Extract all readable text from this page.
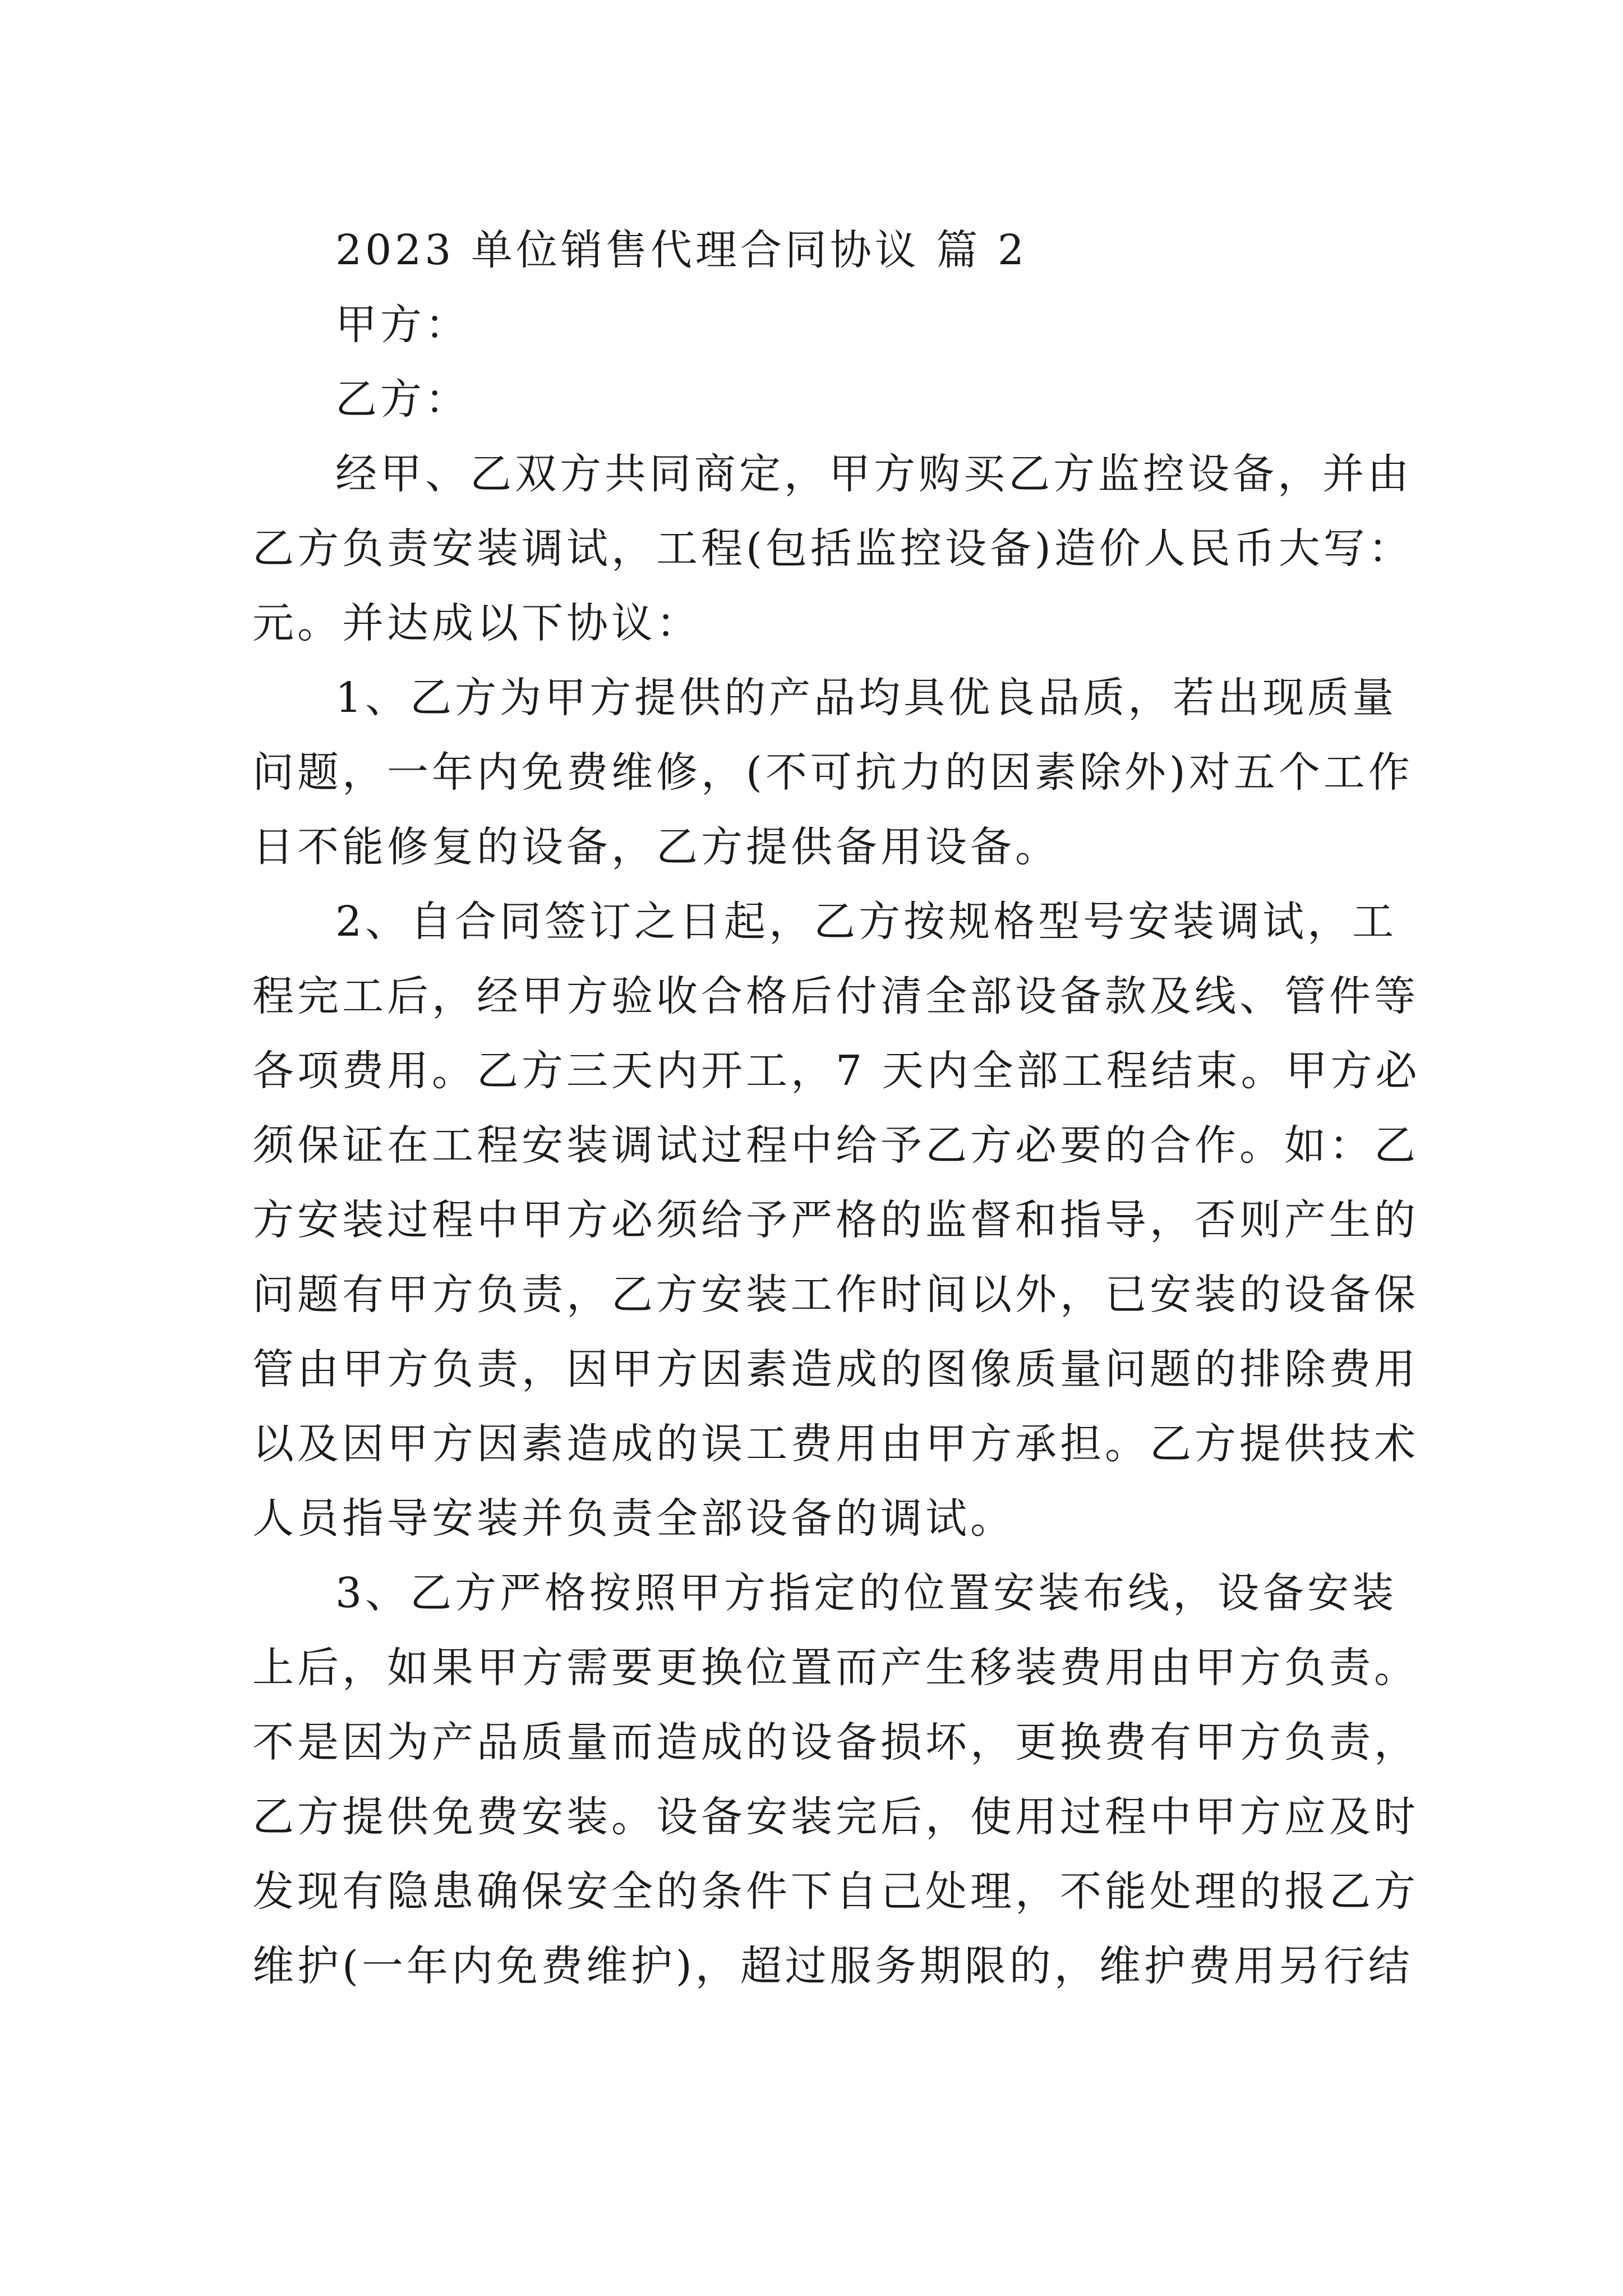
2023 单位销售代理合同协议 篇 2
甲方：
乙方：
经甲、乙双方共同商定，甲方购买乙方监控设备，并由
乙方负责安装调试，工程(包括监控设备)造价人民币大写：
元。并达成以下协议：
1、乙方为甲方提供的产品均具优良品质，若出现质量
问题，一年内免费维修，(不可抗力的因素除外)对五个工作
日不能修复的设备，乙方提供备用设备。
2、自合同签订之日起，乙方按规格型号安装调试，工
程完工后，经甲方验收合格后付清全部设备款及线、管件等
各项费用。乙方三天内开工，7 天内全部工程结束。甲方必
须保证在工程安装调试过程中给予乙方必要的合作。如：乙
方安装过程中甲方必须给予严格的监督和指导，否则产生的
问题有甲方负责，乙方安装工作时间以外，已安装的设备保
管由甲方负责，因甲方因素造成的图像质量问题的排除费用
以及因甲方因素造成的误工费用由甲方承担。乙方提供技术
人员指导安装并负责全部设备的调试。
3、乙方严格按照甲方指定的位置安装布线，设备安装
上后，如果甲方需要更换位置而产生移装费用由甲方负责。
不是因为产品质量而造成的设备损坏，更换费有甲方负责，
乙方提供免费安装。设备安装完后，使用过程中甲方应及时
发现有隐患确保安全的条件下自己处理，不能处理的报乙方
维护(一年内免费维护)，超过服务期限的，维护费用另行结
